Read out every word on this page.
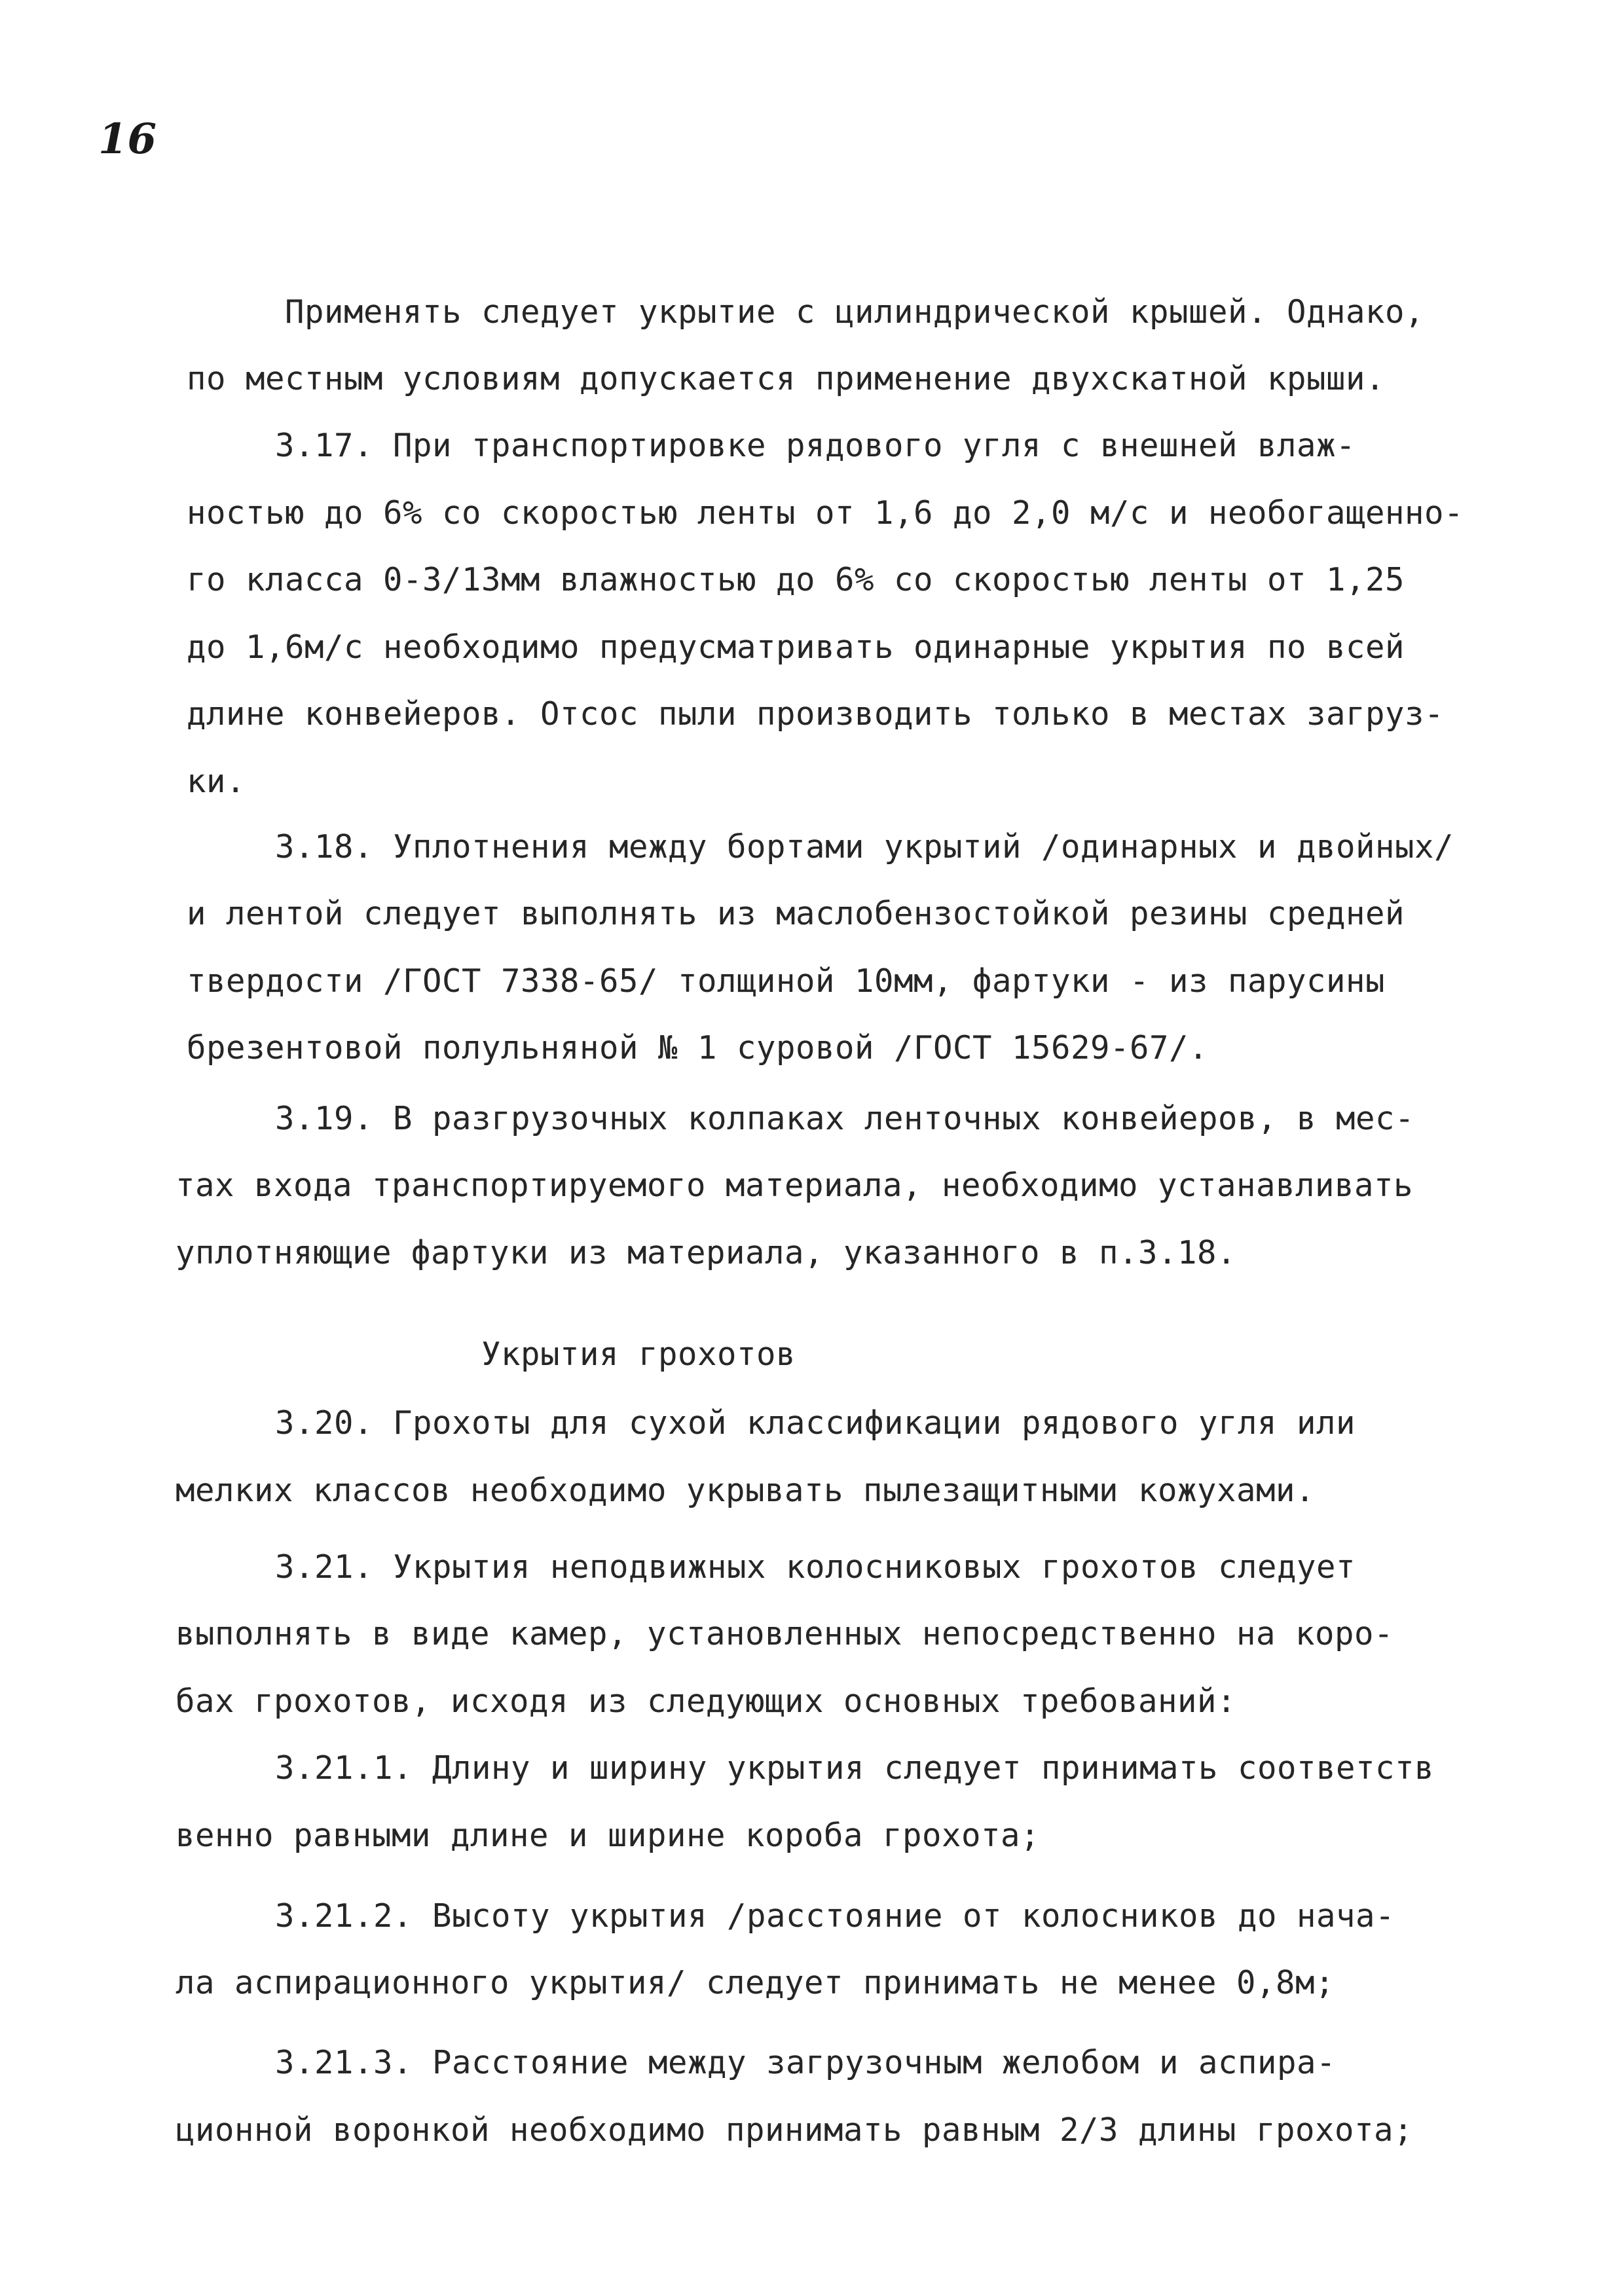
16
Применять следует укрытие с цилиндрической крышей. Однако,
по местным условиям допускается применение двухскатной крыши.
3.17. При транспортировке рядового угля с внешней влаж-
ностью до 6% со скоростью ленты от 1,6 до 2,0 м/с и необогащенно-
го класса 0-3/13мм влажностью до 6% со скоростью ленты от 1,25
до 1,6м/с необходимо предусматривать одинарные укрытия по всей
длине конвейеров. Отсос пыли производить только в местах загруз-
ки.
3.18. Уплотнения между бортами укрытий /одинарных и двойных/
и лентой следует выполнять из маслобензостойкой резины средней
твердости /ГОСТ 7338-65/ толщиной 10мм, фартуки - из парусины
брезентовой полульняной № 1 суровой /ГОСТ 15629-67/.
3.19. В разгрузочных колпаках ленточных конвейеров, в мес-
тах входа транспортируемого материала, необходимо устанавливать
уплотняющие фартуки из материала, указанного в п.3.18.
Укрытия грохотов
3.20. Грохоты для сухой классификации рядового угля или
мелких классов необходимо укрывать пылезащитными кожухами.
3.21. Укрытия неподвижных колосниковых грохотов следует
выполнять в виде камер, установленных непосредственно на коро-
бах грохотов, исходя из следующих основных требований:
3.21.1. Длину и ширину укрытия следует принимать соответств
венно равными длине и ширине короба грохота;
3.21.2. Высоту укрытия /расстояние от колосников до нача-
ла аспирационного укрытия/ следует принимать не менее 0,8м;
3.21.3. Расстояние между загрузочным желобом и аспира-
ционной воронкой необходимо принимать равным 2/3 длины грохота;
